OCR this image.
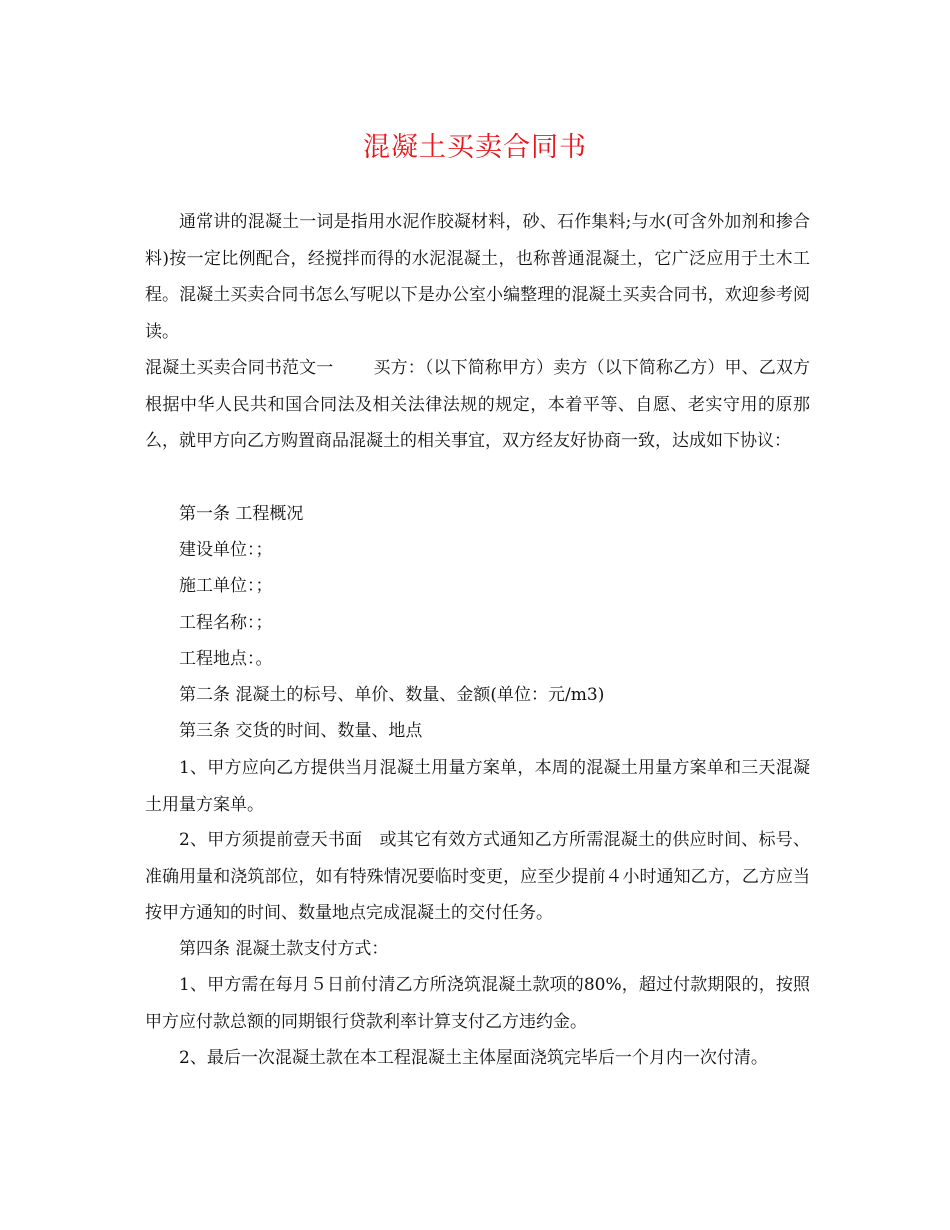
混凝土买卖合同书

通常讲的混凝土一词是指用水泥作胶凝材料，砂、石作集料;与水(可含外加剂和掺合料)按一定比例配合，经搅拌而得的水泥混凝土，也称普通混凝土，它广泛应用于土木工程。混凝土买卖合同书怎么写呢以下是办公室小编整理的混凝土买卖合同书，欢迎参考阅读。

混凝土买卖合同书范文一 买方：（以下简称甲方）卖方（以下简称乙方）甲、乙双方根据中华人民共和国合同法及相关法律法规的规定，本着平等、自愿、老实守用的原那么，就甲方向乙方购置商品混凝土的相关事宜，双方经友好协商一致，达成如下协议：

第一条 工程概况

建设单位：；

施工单位：；

工程名称：；

工程地点：。

第二条 混凝土的标号、单价、数量、金额(单位：元/m3)

第三条 交货的时间、数量、地点

1、甲方应向乙方提供当月混凝土用量方案单，本周的混凝土用量方案单和三天混凝土用量方案单。

2、甲方须提前壹天书面　或其它有效方式通知乙方所需混凝土的供应时间、标号、准确用量和浇筑部位，如有特殊情况要临时变更，应至少提前４小时通知乙方，乙方应当按甲方通知的时间、数量地点完成混凝土的交付任务。

第四条 混凝土款支付方式：

1、甲方需在每月５日前付清乙方所浇筑混凝土款项的80%，超过付款期限的，按照甲方应付款总额的同期银行贷款利率计算支付乙方违约金。

2、最后一次混凝土款在本工程混凝土主体屋面浇筑完毕后一个月内一次付清。
